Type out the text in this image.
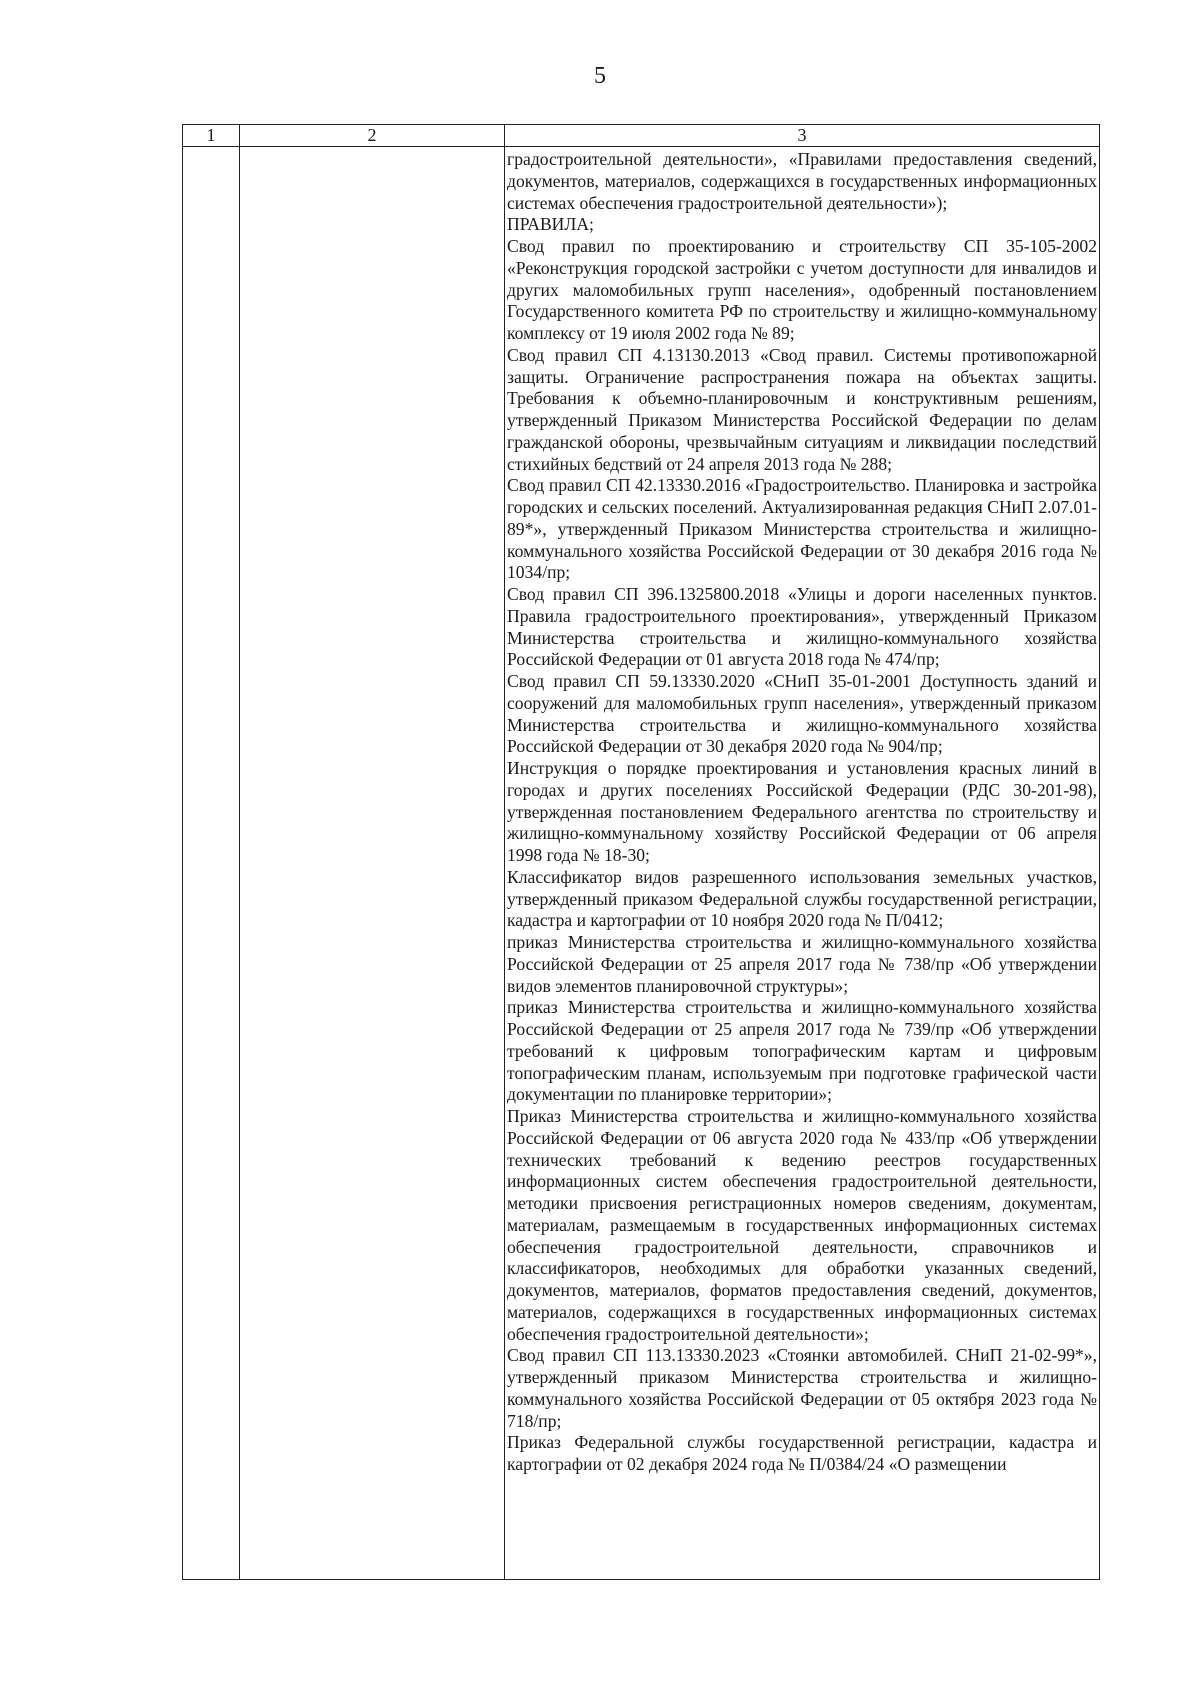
5
1	2	3

градостроительной деятельности», «Правилами предоставления сведений, документов, материалов, содержащихся в государственных информационных системах обеспечения градостроительной деятельности»);

ПРАВИЛА;

Свод правил по проектированию и строительству СП 35-105-2002 «Реконструкция городской застройки с учетом доступности для инвалидов и других маломобильных групп населения», одобренный постановлением Государственного комитета РФ по строительству и жилищно-коммунальному комплексу от 19 июля 2002 года № 89;

Свод правил СП 4.13130.2013 «Свод правил. Системы противопожарной защиты. Ограничение распространения пожара на объектах защиты. Требования к объемно-планировочным и конструктивным решениям, утвержденный Приказом Министерства Российской Федерации по делам гражданской обороны, чрезвычайным ситуациям и ликвидации последствий стихийных бедствий от 24 апреля 2013 года № 288;

Свод правил СП 42.13330.2016 «Градостроительство. Планировка и застройка городских и сельских поселений. Актуализированная редакция СНиП 2.07.01-89*», утвержденный Приказом Министерства строительства и жилищно-коммунального хозяйства Российской Федерации от 30 декабря 2016 года № 1034/пр;

Свод правил СП 396.1325800.2018 «Улицы и дороги населенных пунктов. Правила градостроительного проектирования», утвержденный Приказом Министерства строительства и жилищно-коммунального хозяйства Российской Федерации от 01 августа 2018 года № 474/пр;

Свод правил СП 59.13330.2020 «СНиП 35-01-2001 Доступность зданий и сооружений для маломобильных групп населения», утвержденный приказом Министерства строительства и жилищно-коммунального хозяйства Российской Федерации от 30 декабря 2020 года № 904/пр;

Инструкция о порядке проектирования и установления красных линий в городах и других поселениях Российской Федерации (РДС 30-201-98), утвержденная постановлением Федерального агентства по строительству и жилищно-коммунальному хозяйству Российской Федерации от 06 апреля 1998 года № 18-30;

Классификатор видов разрешенного использования земельных участков, утвержденный приказом Федеральной службы государственной регистрации, кадастра и картографии от 10 ноября 2020 года № П/0412;

приказ Министерства строительства и жилищно-коммунального хозяйства Российской Федерации от 25 апреля 2017 года № 738/пр «Об утверждении видов элементов планировочной структуры»;

приказ Министерства строительства и жилищно-коммунального хозяйства Российской Федерации от 25 апреля 2017 года № 739/пр «Об утверждении требований к цифровым топографическим картам и цифровым топографическим планам, используемым при подготовке графической части документации по планировке территории»;

Приказ Министерства строительства и жилищно-коммунального хозяйства Российской Федерации от 06 августа 2020 года № 433/пр «Об утверждении технических требований к ведению реестров государственных информационных систем обеспечения градостроительной деятельности, методики присвоения регистрационных номеров сведениям, документам, материалам, размещаемым в государственных информационных системах обеспечения градостроительной деятельности, справочников и классификаторов, необходимых для обработки указанных сведений, документов, материалов, форматов предоставления сведений, документов, материалов, содержащихся в государственных информационных системах обеспечения градостроительной деятельности»;

Свод правил СП 113.13330.2023 «Стоянки автомобилей. СНиП 21-02-99*», утвержденный приказом Министерства строительства и жилищно-коммунального хозяйства Российской Федерации от 05 октября 2023 года № 718/пр;

Приказ Федеральной службы государственной регистрации, кадастра и картографии от 02 декабря 2024 года № П/0384/24 «О размещении
